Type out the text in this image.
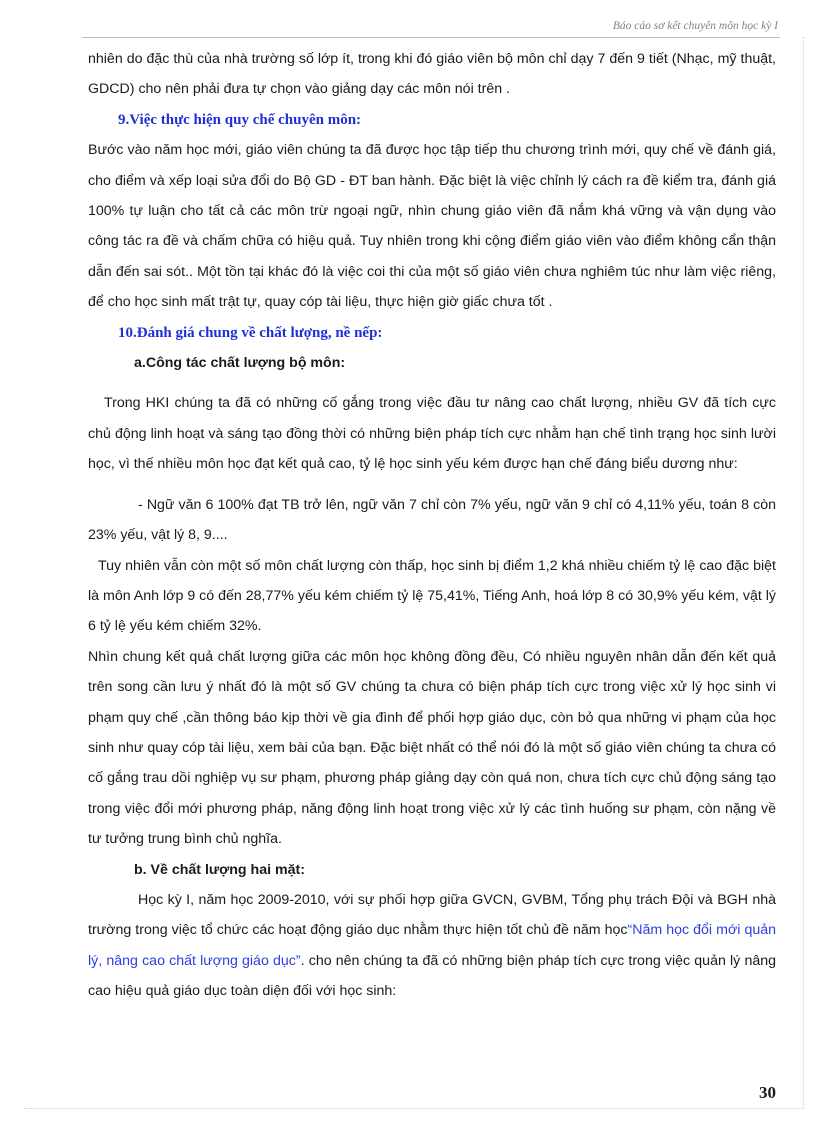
Báo cáo sơ kết chuyên môn học kỳ I

nhiên do đặc thù của nhà trường số lớp ít, trong khi đó giáo viên bộ môn chỉ dạy 7 đến 9 tiết (Nhạc, mỹ thuật, GDCD) cho nên phải đưa tự chọn vào giảng dạy các môn nói trên .

9.Việc thực hiện quy chế chuyên môn:

Bước vào năm học mới, giáo viên chúng ta đã được học tập tiếp thu chương trình mới, quy chế về đánh giá, cho điểm và xếp loại sửa đổi do Bộ GD - ĐT ban hành. Đặc biệt là việc chỉnh lý cách ra đề kiểm tra, đánh giá 100% tự luận cho tất cả các môn trừ ngoại ngữ, nhìn chung giáo viên đã nắm khá vững và vận dụng vào công tác ra đề và chấm chữa có hiệu quả. Tuy nhiên trong khi cộng điểm giáo viên vào điểm không cẩn thận dẫn đến sai sót.. Một tồn tại khác đó là việc coi thi của một số giáo viên chưa nghiêm túc như làm việc riêng, để cho học sinh mất trật tự, quay cóp tài liệu, thực hiện giờ giấc chưa tốt .

10.Đánh giá chung về chất lượng, nề nếp:

a.Công tác chất lượng bộ môn:

Trong HKI chúng ta đã có những cố gắng trong việc đầu tư nâng cao chất lượng, nhiều GV đã tích cực chủ động linh hoạt và sáng tạo đồng thời có những biện pháp tích cực nhằm hạn chế tình trạng học sinh lười học, vì thế nhiều môn học đạt kết quả cao, tỷ lệ học sinh yếu kém được hạn chế đáng biểu dương như:

- Ngữ văn 6 100% đạt TB trở lên, ngữ văn 7 chỉ còn 7% yếu, ngữ văn 9 chỉ có 4,11% yếu, toán 8 còn 23% yếu, vật lý 8, 9....

Tuy nhiên vẫn còn một số môn chất lượng còn thấp, học sinh bị điểm 1,2 khá nhiều chiếm tỷ lệ cao đặc biệt là môn Anh lớp 9 có đến 28,77% yếu kém chiếm tỷ lệ 75,41%, Tiếng Anh, hoá lớp 8 có 30,9% yếu kém, vật lý 6 tỷ lệ yếu kém chiếm 32%.

Nhìn chung kết quả chất lượng giữa các môn học không đồng đều, Có nhiều nguyên nhân dẫn đến kết quả trên song cần lưu ý nhất đó là một số GV chúng ta chưa có biện pháp tích cực trong việc xử lý học sinh vi phạm quy chế ,cần thông báo kịp thời về gia đình để phối hợp giáo dục, còn bỏ qua những vi phạm của học sinh như quay cóp tài liệu, xem bài của bạn. Đặc biệt nhất có thể nói đó là một số giáo viên chúng ta chưa có cố gắng trau dồi nghiệp vụ sư phạm, phương pháp giảng dạy còn quá non, chưa tích cực chủ động sáng tạo trong việc đổi mới phương pháp, năng động linh hoạt trong việc xử lý các tình huống sư phạm, còn nặng về tư tưởng trung bình chủ nghĩa.

b. Về chất lượng hai mặt:

Học kỳ I, năm học 2009-2010, với sự phối hợp giữa GVCN, GVBM, Tổng phụ trách Đội và BGH nhà trường trong việc tổ chức các hoạt động giáo dục nhằm thực hiện tốt chủ đề năm học“Năm học đổi mới quản lý, nâng cao chất lượng giáo dục”. cho nên chúng ta đã có những biện pháp tích cực trong việc quản lý nâng cao hiệu quả giáo dục toàn diện đối với học sinh:

30
